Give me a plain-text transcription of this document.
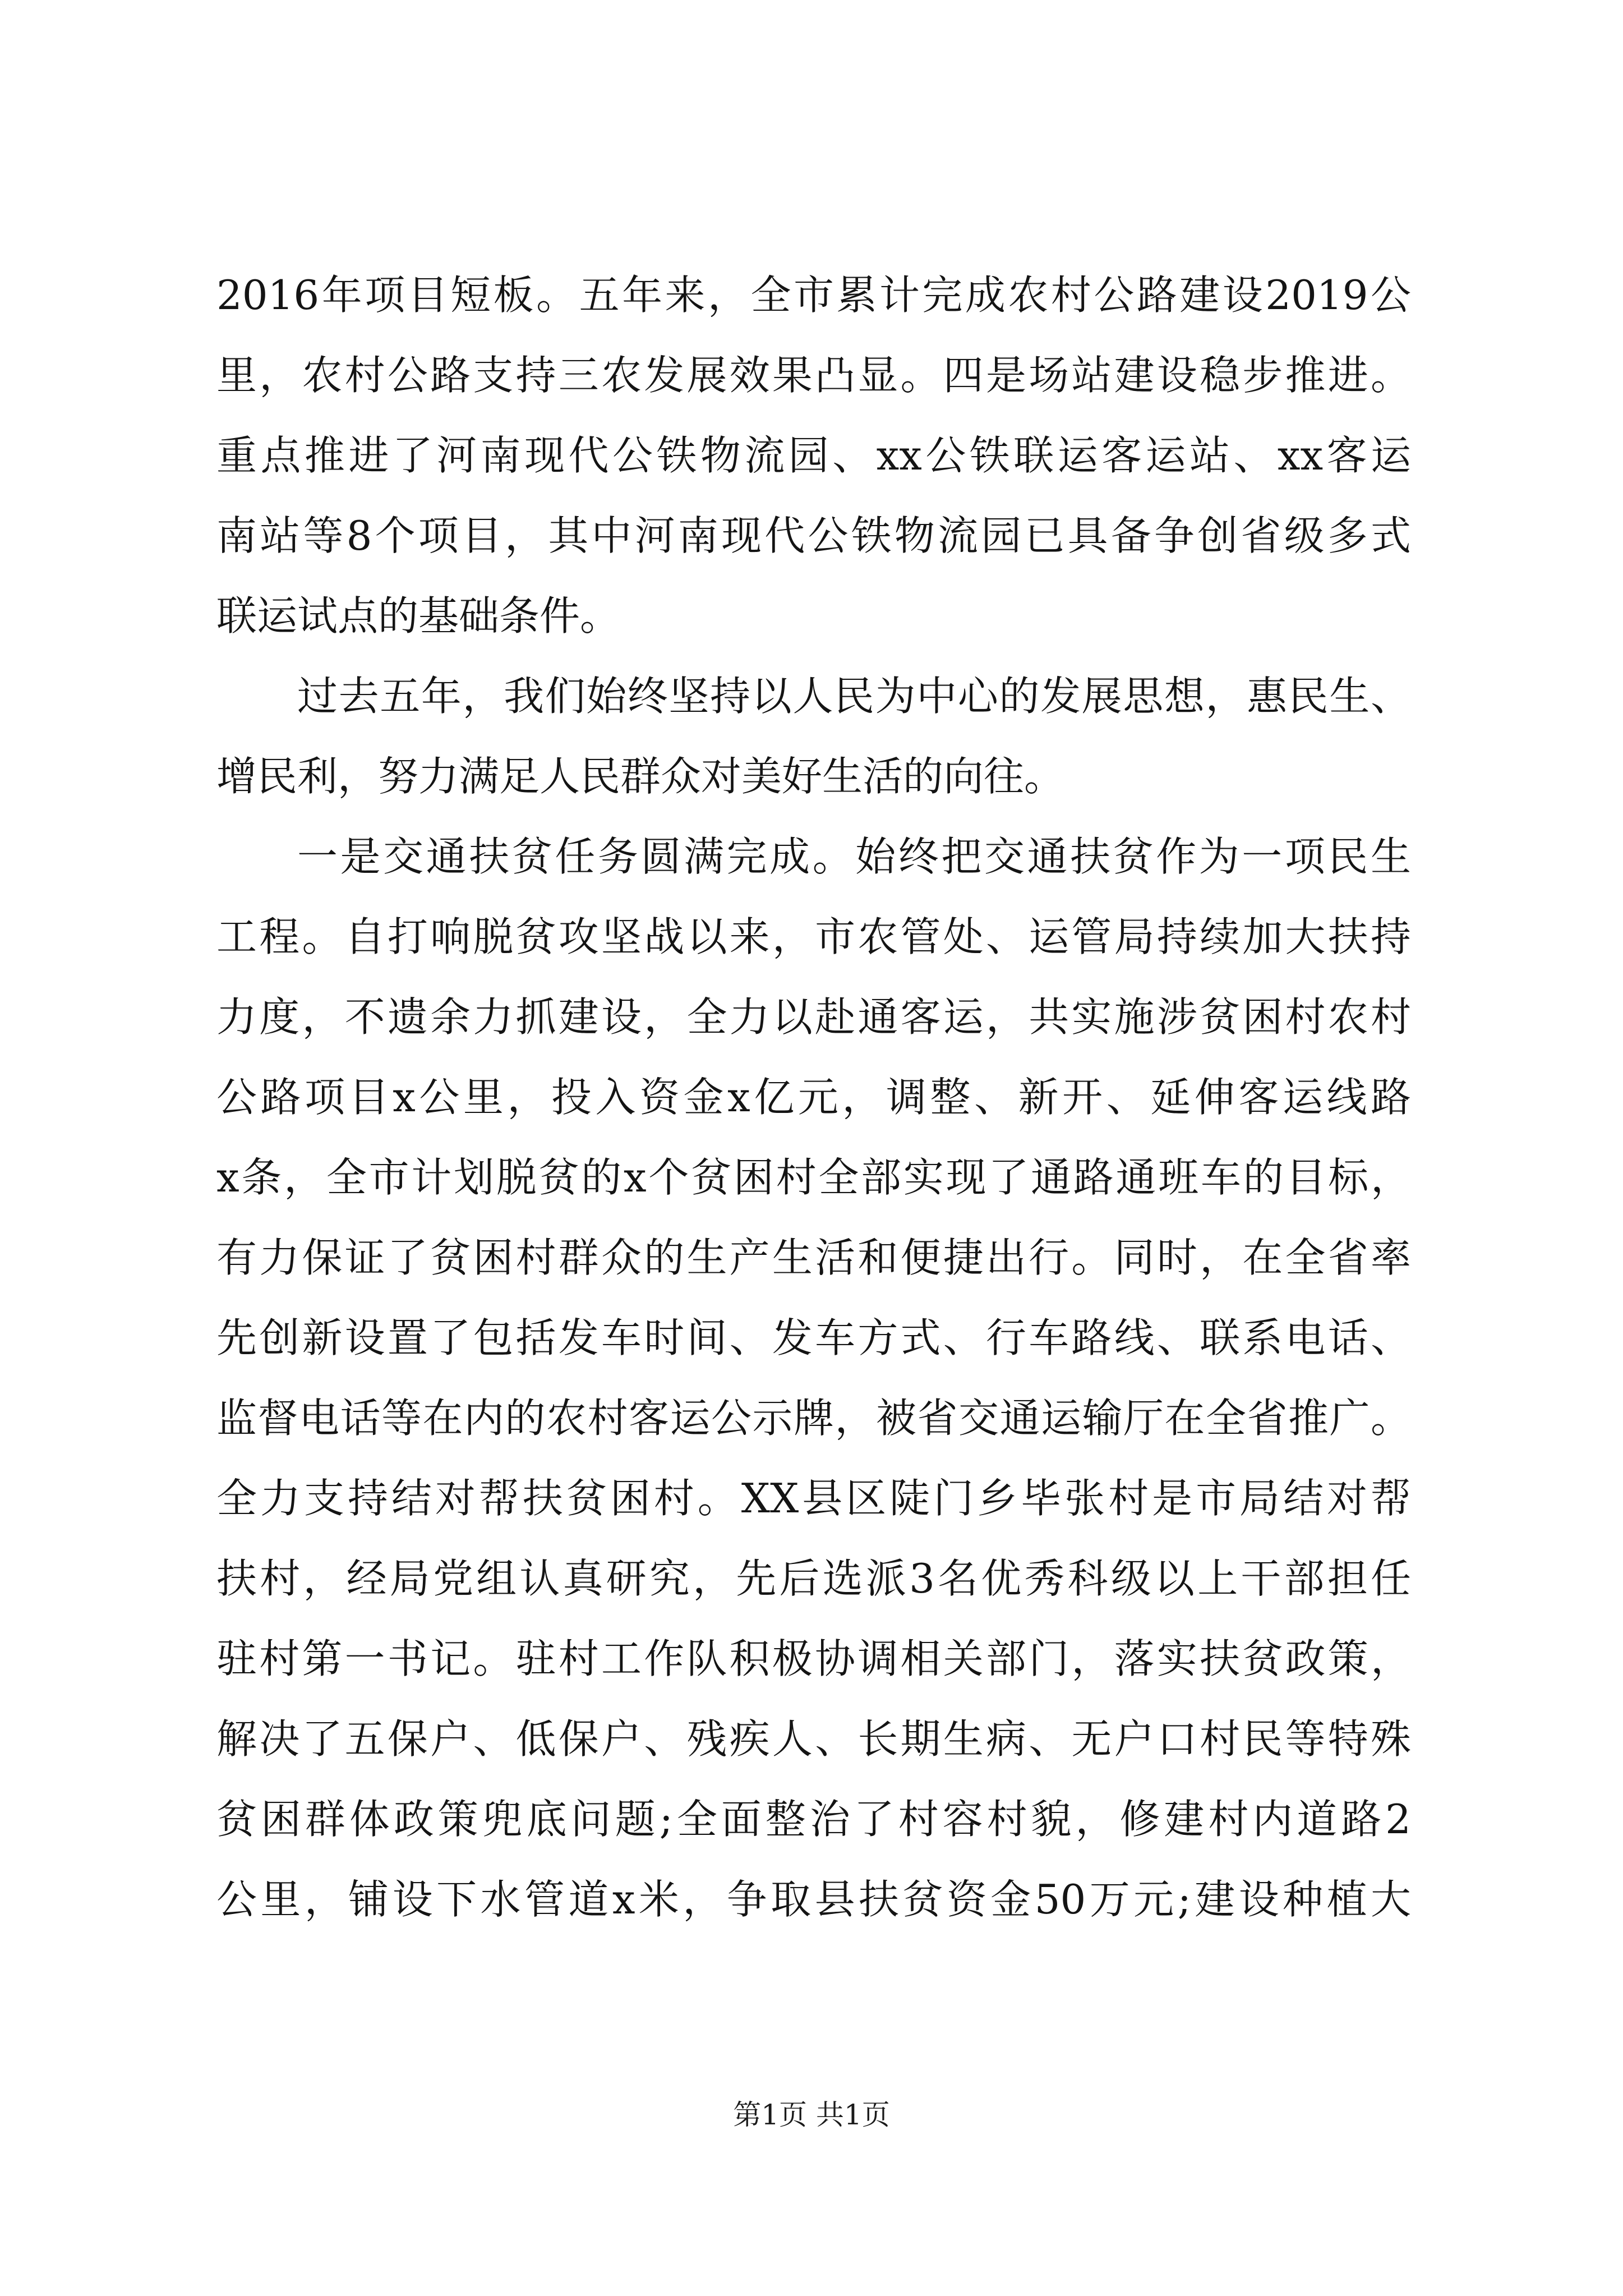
2016年项目短板。五年来，全市累计完成农村公路建设2019公
里，农村公路支持三农发展效果凸显。四是场站建设稳步推进。
重点推进了河南现代公铁物流园、xx公铁联运客运站、xx客运
南站等8个项目，其中河南现代公铁物流园已具备争创省级多式
联运试点的基础条件。
过去五年，我们始终坚持以人民为中心的发展思想，惠民生、
增民利，努力满足人民群众对美好生活的向往。
一是交通扶贫任务圆满完成。始终把交通扶贫作为一项民生
工程。自打响脱贫攻坚战以来，市农管处、运管局持续加大扶持
力度，不遗余力抓建设，全力以赴通客运，共实施涉贫困村农村
公路项目x公里，投入资金x亿元，调整、新开、延伸客运线路
x条，全市计划脱贫的x个贫困村全部实现了通路通班车的目标，
有力保证了贫困村群众的生产生活和便捷出行。同时，在全省率
先创新设置了包括发车时间、发车方式、行车路线、联系电话、
监督电话等在内的农村客运公示牌，被省交通运输厅在全省推广。
全力支持结对帮扶贫困村。XX县区陡门乡毕张村是市局结对帮
扶村，经局党组认真研究，先后选派3名优秀科级以上干部担任
驻村第一书记。驻村工作队积极协调相关部门，落实扶贫政策，
解决了五保户、低保户、残疾人、长期生病、无户口村民等特殊
贫困群体政策兜底问题;全面整治了村容村貌，修建村内道路2
公里，铺设下水管道x米，争取县扶贫资金50万元;建设种植大
第1页 共1页
